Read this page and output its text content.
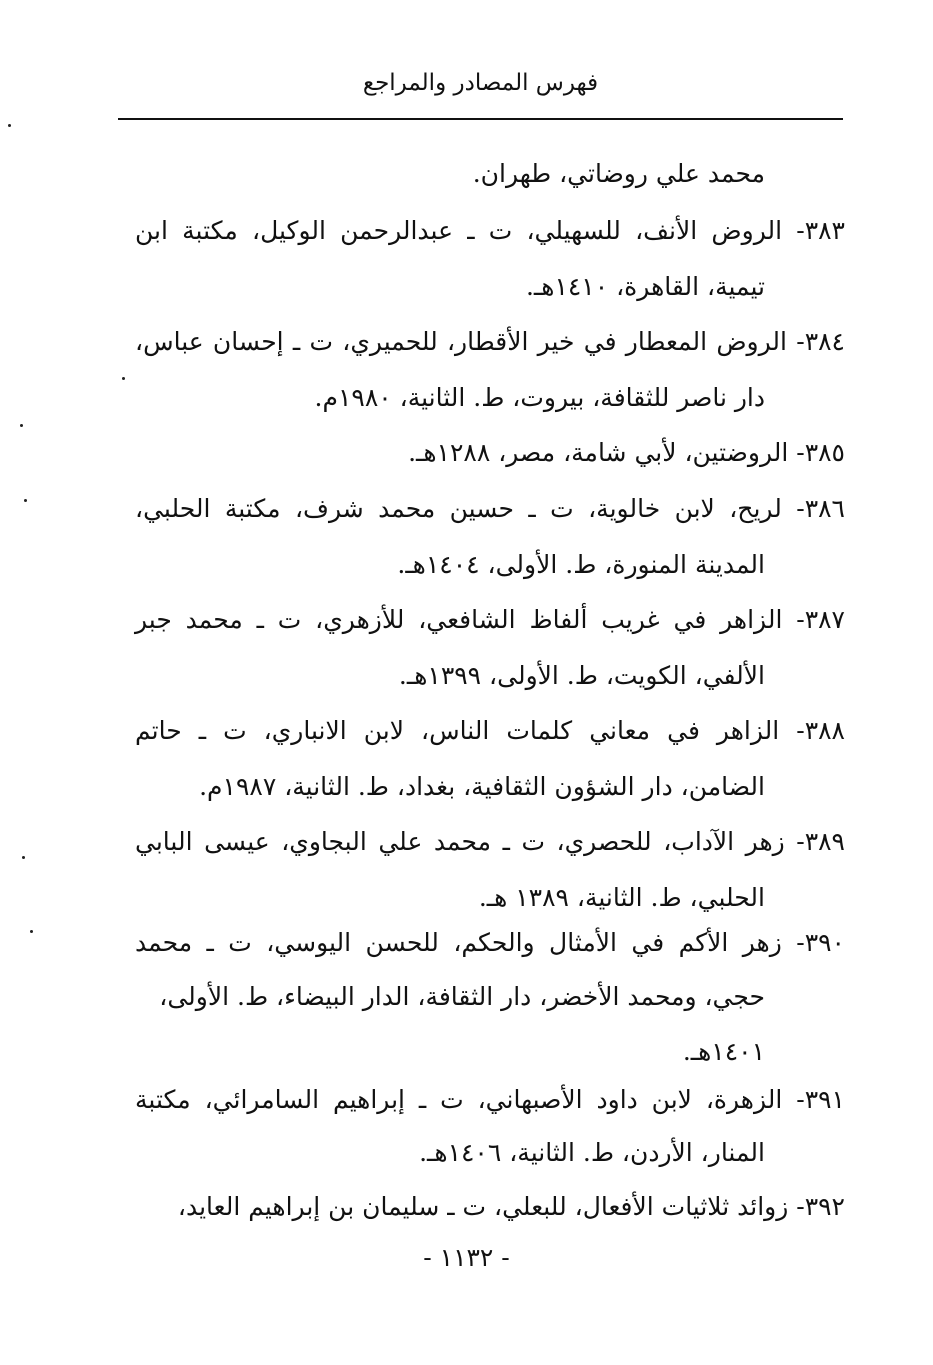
فهرس المصادر والمراجع
محمد علي روضاتي، طهران.
٣٨٣- الروض الأنف، للسهيلي، ت ـ عبدالرحمن الوكيل، مكتبة ابن
تيمية، القاهرة، ١٤١٠هـ.
٣٨٤- الروض المعطار في خير الأقطار، للحميري، ت ـ إحسان عباس،
دار ناصر للثقافة، بيروت، ط. الثانية، ١٩٨٠م.
٣٨٥- الروضتين، لأبي شامة، مصر، ١٢٨٨هـ.
٣٨٦- لريح، لابن خالوية، ت ـ حسين محمد شرف، مكتبة الحلبي،
المدينة المنورة، ط. الأولى، ١٤٠٤هـ.
٣٨٧- الزاهر في غريب ألفاظ الشافعي، للأزهري، ت ـ محمد جبر
الألفي، الكويت، ط. الأولى، ١٣٩٩هـ.
٣٨٨- الزاهر في معاني كلمات الناس، لابن الانباري، ت ـ حاتم
الضامن، دار الشؤون الثقافية، بغداد، ط. الثانية، ١٩٨٧م.
٣٨٩- زهر الآداب، للحصري، ت ـ محمد علي البجاوي، عيسى البابي
الحلبي، ط. الثانية، ١٣٨٩ هـ.
٣٩٠- زهر الأكم في الأمثال والحكم، للحسن اليوسي، ت ـ محمد
حجي، ومحمد الأخضر، دار الثقافة، الدار البيضاء، ط. الأولى،
١٤٠١هـ.
٣٩١- الزهرة، لابن داود الأصبهاني، ت ـ إبراهيم السامرائي، مكتبة
المنار، الأردن، ط. الثانية، ١٤٠٦هـ.
٣٩٢- زوائد ثلاثيات الأفعال، للبعلي، ت ـ سليمان بن إبراهيم العايد،
- ١١٣٢ -
